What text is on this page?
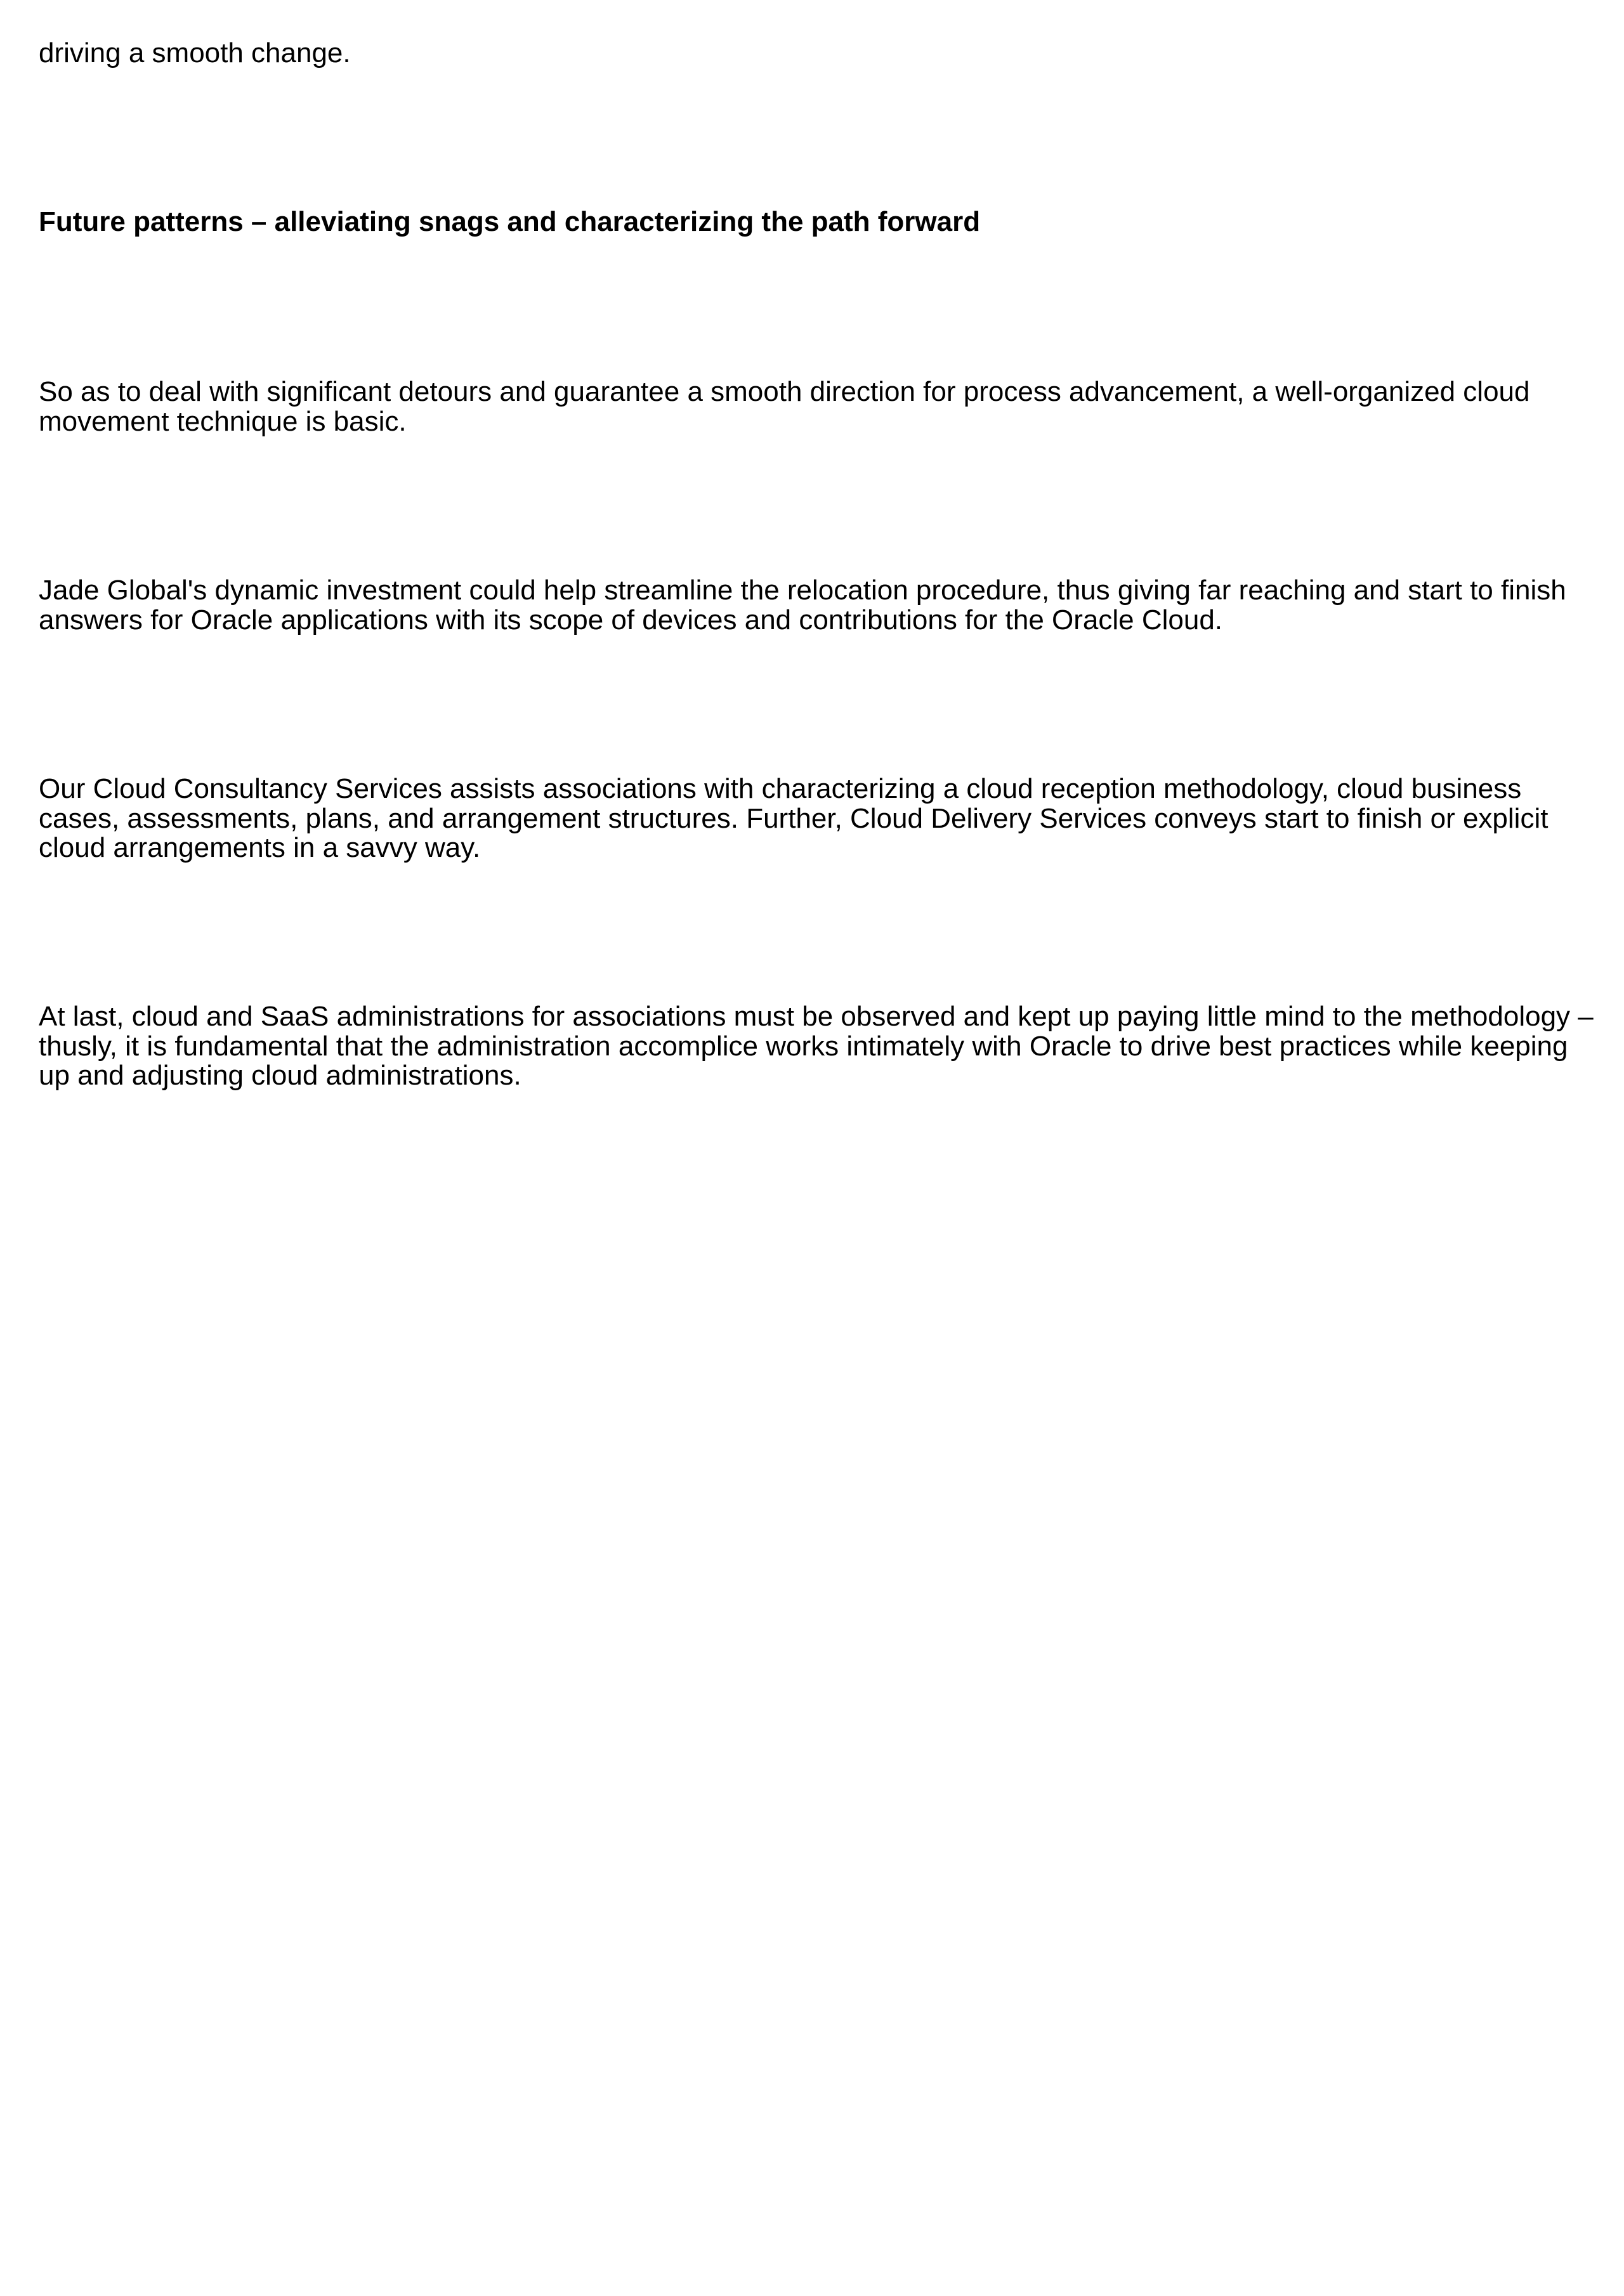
driving a smooth change.

Future patterns – alleviating snags and characterizing the path forward

So as to deal with significant detours and guarantee a smooth direction for process advancement, a well-organized cloud movement technique is basic.

Jade Global's dynamic investment could help streamline the relocation procedure, thus giving far reaching and start to finish answers for Oracle applications with its scope of devices and contributions for the Oracle Cloud.

Our Cloud Consultancy Services assists associations with characterizing a cloud reception methodology, cloud business cases, assessments, plans, and arrangement structures. Further, Cloud Delivery Services conveys start to finish or explicit cloud arrangements in a savvy way.

At last, cloud and SaaS administrations for associations must be observed and kept up paying little mind to the methodology – thusly, it is fundamental that the administration accomplice works intimately with Oracle to drive best practices while keeping up and adjusting cloud administrations.
